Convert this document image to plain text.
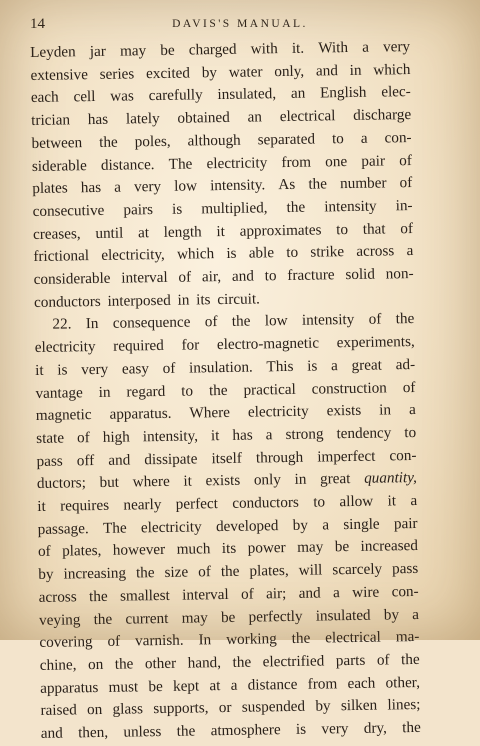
14	DAVIS'S MANUAL.
Leyden jar may be charged with it. With a very
extensive series excited by water only, and in which
each cell was carefully insulated, an English elec-
trician has lately obtained an electrical discharge
between the poles, although separated to a con-
siderable distance. The electricity from one pair of
plates has a very low intensity. As the number of
consecutive pairs is multiplied, the intensity in-
creases, until at length it approximates to that of
frictional electricity, which is able to strike across a
considerable interval of air, and to fracture solid non-
conductors interposed in its circuit.
22. In consequence of the low intensity of the
electricity required for electro-magnetic experiments,
it is very easy of insulation. This is a great ad-
vantage in regard to the practical construction of
magnetic apparatus. Where electricity exists in a
state of high intensity, it has a strong tendency to
pass off and dissipate itself through imperfect con-
ductors; but where it exists only in great quantity,
it requires nearly perfect conductors to allow it a
passage. The electricity developed by a single pair
of plates, however much its power may be increased
by increasing the size of the plates, will scarcely pass
across the smallest interval of air; and a wire con-
veying the current may be perfectly insulated by a
covering of varnish. In working the electrical ma-
chine, on the other hand, the electrified parts of the
apparatus must be kept at a distance from each other,
raised on glass supports, or suspended by silken lines;
and then, unless the atmosphere is very dry, the
